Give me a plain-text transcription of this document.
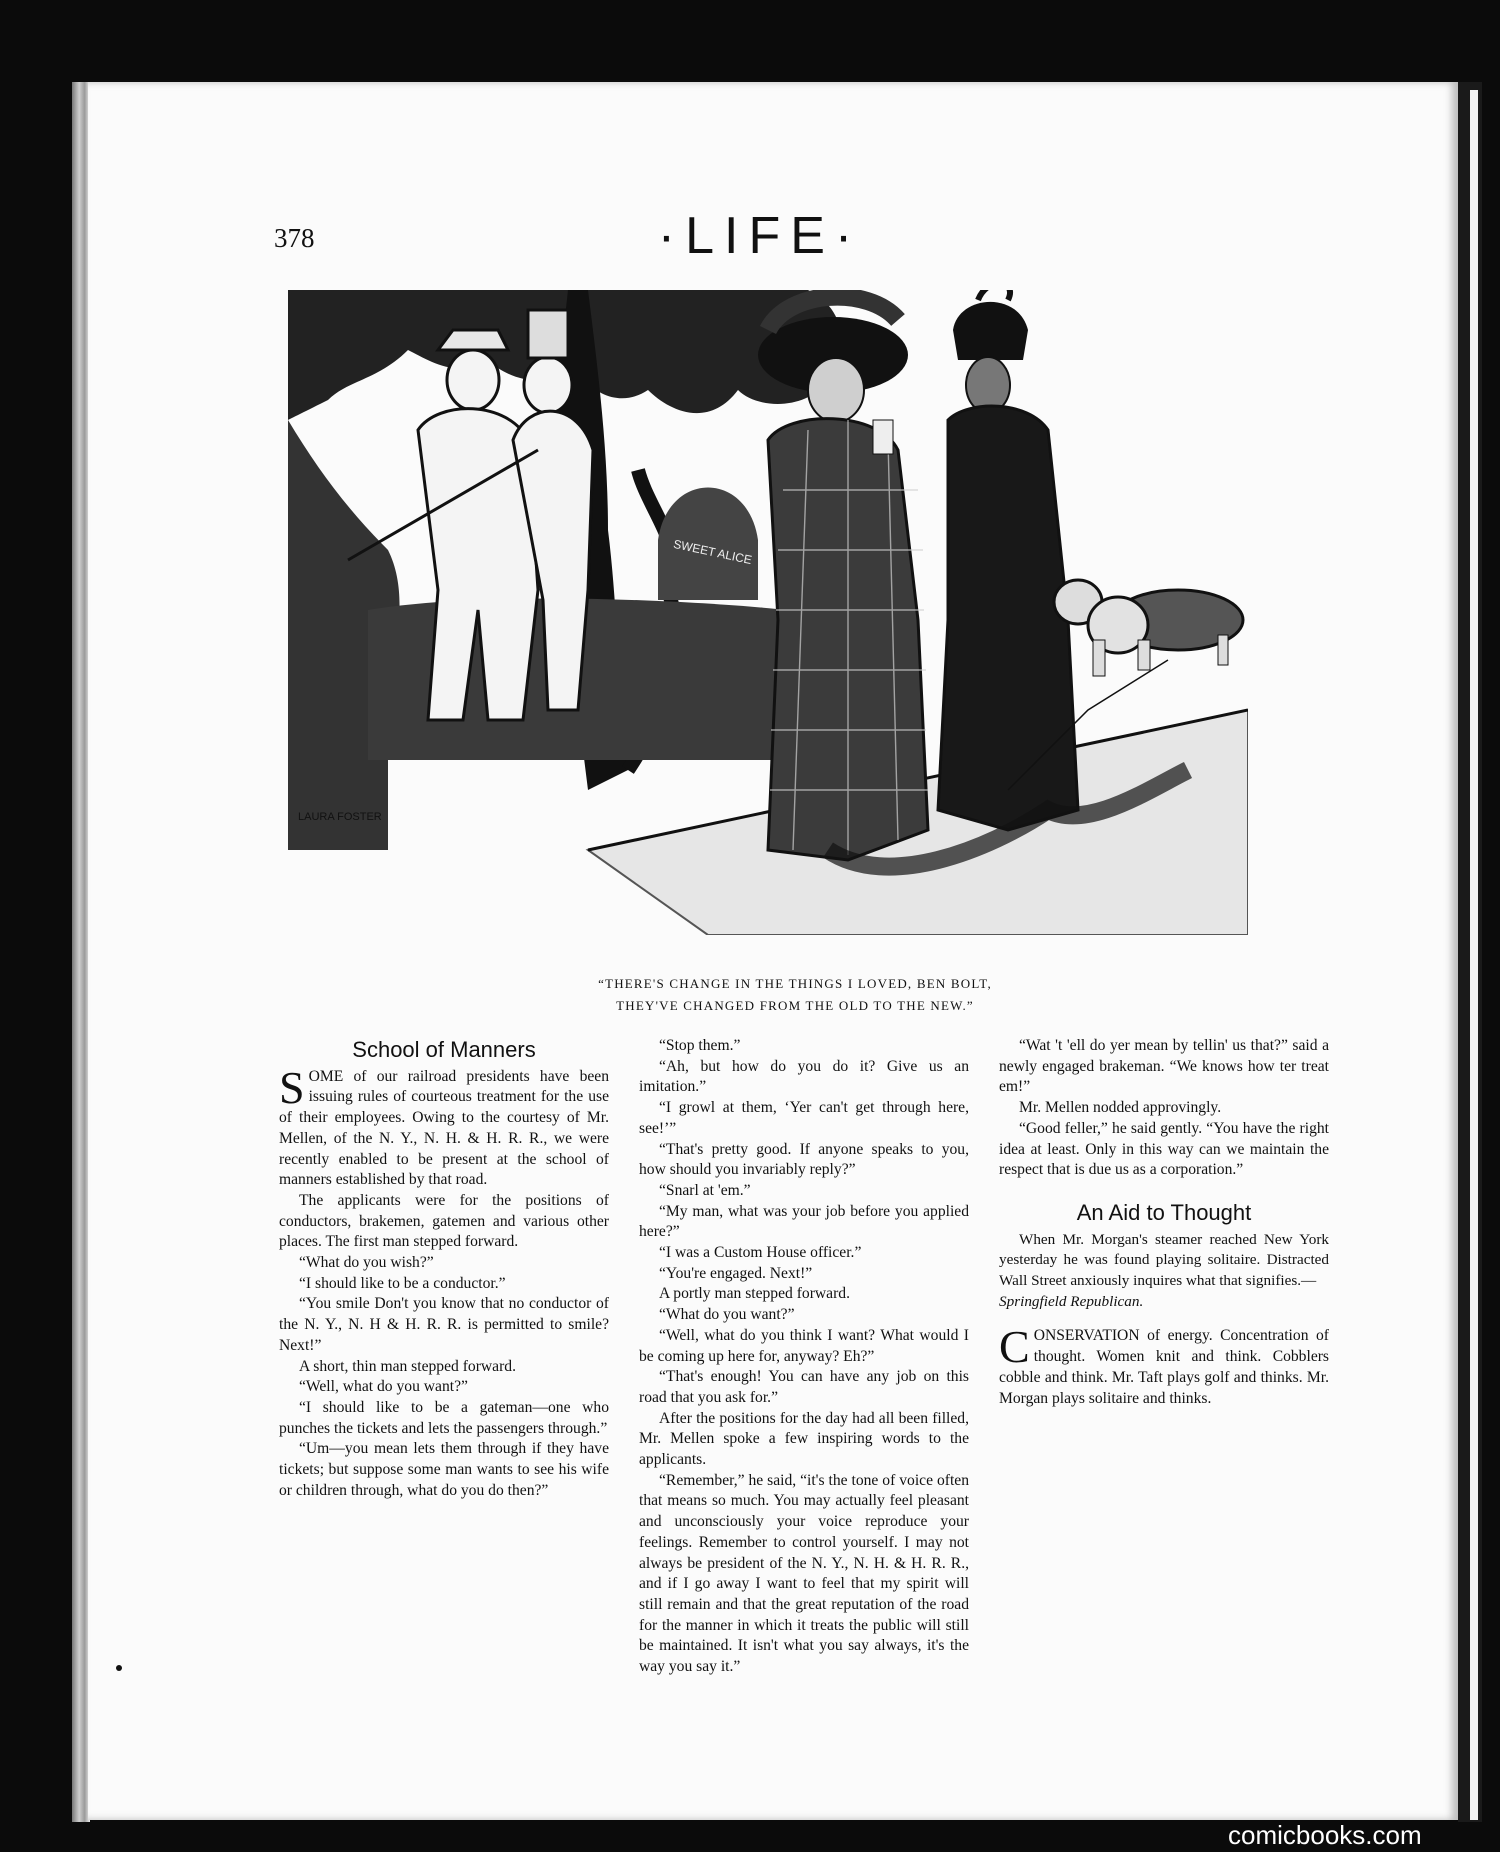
378	·LIFE·
SWEET ALICE
LAURA FOSTER
“THERE'S CHANGE IN THE THINGS I LOVED, BEN BOLT,
THEY'VE CHANGED FROM THE OLD TO THE NEW.”
School of Manners

SOME of our railroad presidents have been issuing rules of courteous treatment for the use of their employees. Owing to the courtesy of Mr. Mellen, of the N. Y., N. H. & H. R. R., we were recently enabled to be present at the school of manners established by that road.

The applicants were for the positions of conductors, brakemen, gatemen and various other places. The first man stepped forward.

“What do you wish?”

“I should like to be a conductor.”

“You smile Don't you know that no conductor of the N. Y., N. H & H. R. R. is permitted to smile? Next!”

A short, thin man stepped forward.

“Well, what do you want?”

“I should like to be a gateman—one who punches the tickets and lets the passengers through.”

“Um—you mean lets them through if they have tickets; but suppose some man wants to see his wife or children through, what do you do then?”

“Stop them.”

“Ah, but how do you do it? Give us an imitation.”

“I growl at them, ‘Yer can't get through here, see!’”

“That's pretty good. If anyone speaks to you, how should you invariably reply?”

“Snarl at 'em.”

“My man, what was your job before you applied here?”

“I was a Custom House officer.”

“You're engaged. Next!”

A portly man stepped forward.

“What do you want?”

“Well, what do you think I want? What would I be coming up here for, anyway? Eh?”

“That's enough! You can have any job on this road that you ask for.”

After the positions for the day had all been filled, Mr. Mellen spoke a few inspiring words to the applicants.

“Remember,” he said, “it's the tone of voice often that means so much. You may actually feel pleasant and unconsciously your voice reproduce your feelings. Remember to control yourself. I may not always be president of the N. Y., N. H. & H. R. R., and if I go away I want to feel that my spirit will still remain and that the great reputation of the road for the manner in which it treats the public will still be maintained. It isn't what you say always, it's the way you say it.”

“Wat 't 'ell do yer mean by tellin' us that?” said a newly engaged brakeman. “We knows how ter treat em!”

Mr. Mellen nodded approvingly.

“Good feller,” he said gently. “You have the right idea at least. Only in this way can we maintain the respect that is due us as a corporation.”

An Aid to Thought

When Mr. Morgan's steamer reached New York yesterday he was found playing solitaire. Distracted Wall Street anxiously inquires what that signifies.—
Springfield Republican.

CONSERVATION of energy. Concentration of thought. Women knit and think. Cobblers cobble and think. Mr. Taft plays golf and thinks. Mr. Morgan plays solitaire and thinks.

comicbooks.com
